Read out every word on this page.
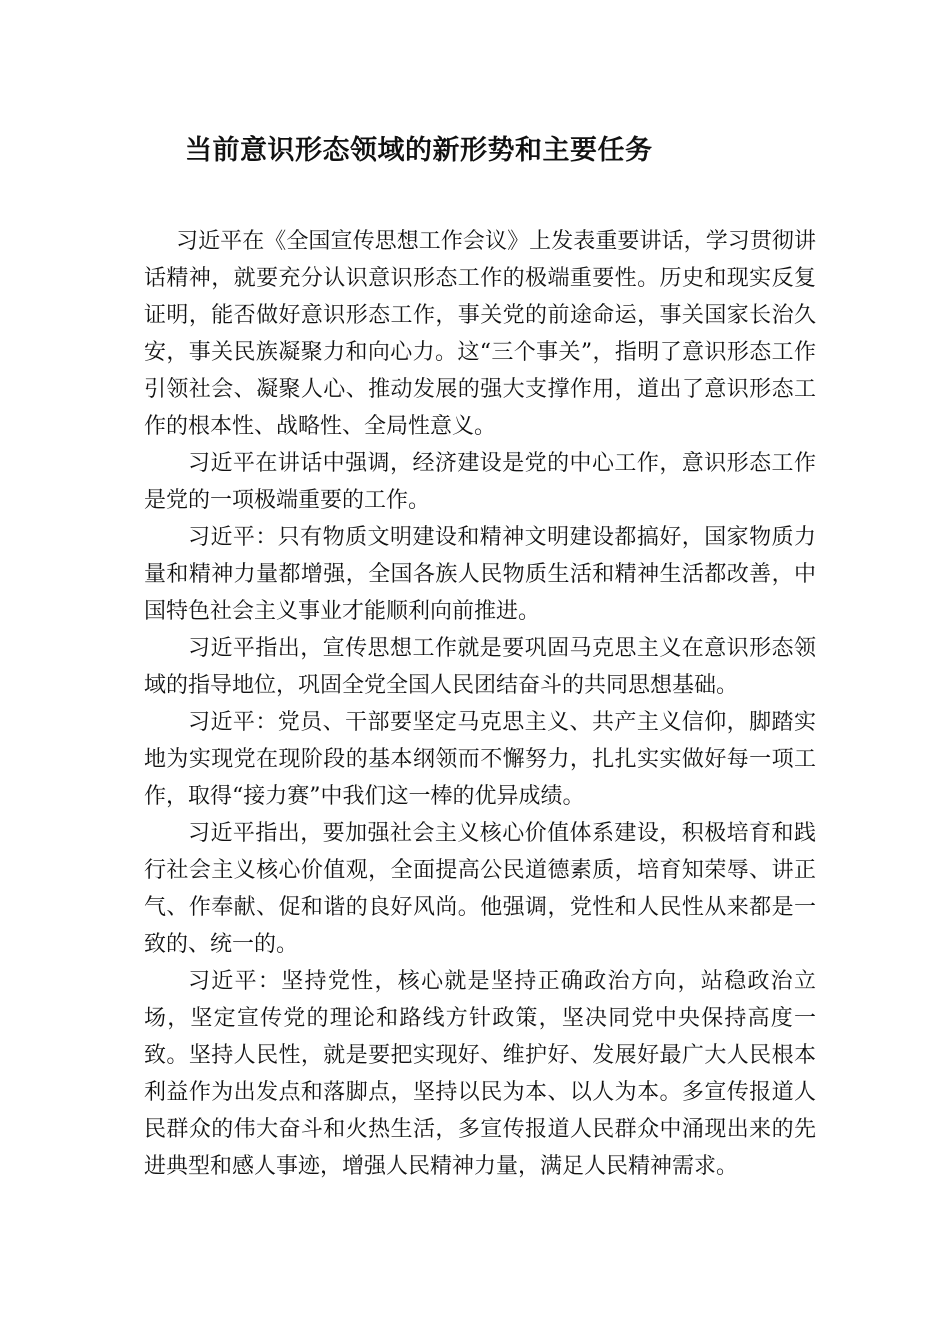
当前意识形态领域的新形势和主要任务

习近平在《全国宣传思想工作会议》上发表重要讲话，学习贯彻讲话精神，就要充分认识意识形态工作的极端重要性。历史和现实反复证明，能否做好意识形态工作，事关党的前途命运，事关国家长治久安，事关民族凝聚力和向心力。这“三个事关”，指明了意识形态工作引领社会、凝聚人心、推动发展的强大支撑作用，道出了意识形态工作的根本性、战略性、全局性意义。

习近平在讲话中强调，经济建设是党的中心工作，意识形态工作是党的一项极端重要的工作。

习近平：只有物质文明建设和精神文明建设都搞好，国家物质力量和精神力量都增强，全国各族人民物质生活和精神生活都改善，中国特色社会主义事业才能顺利向前推进。

习近平指出，宣传思想工作就是要巩固马克思主义在意识形态领域的指导地位，巩固全党全国人民团结奋斗的共同思想基础。

习近平：党员、干部要坚定马克思主义、共产主义信仰，脚踏实地为实现党在现阶段的基本纲领而不懈努力，扎扎实实做好每一项工作，取得“接力赛”中我们这一棒的优异成绩。

习近平指出，要加强社会主义核心价值体系建设，积极培育和践行社会主义核心价值观，全面提高公民道德素质，培育知荣辱、讲正气、作奉献、促和谐的良好风尚。他强调，党性和人民性从来都是一致的、统一的。

习近平：坚持党性，核心就是坚持正确政治方向，站稳政治立场，坚定宣传党的理论和路线方针政策，坚决同党中央保持高度一致。坚持人民性，就是要把实现好、维护好、发展好最广大人民根本利益作为出发点和落脚点，坚持以民为本、以人为本。多宣传报道人民群众的伟大奋斗和火热生活，多宣传报道人民群众中涌现出来的先进典型和感人事迹，增强人民精神力量，满足人民精神需求。
